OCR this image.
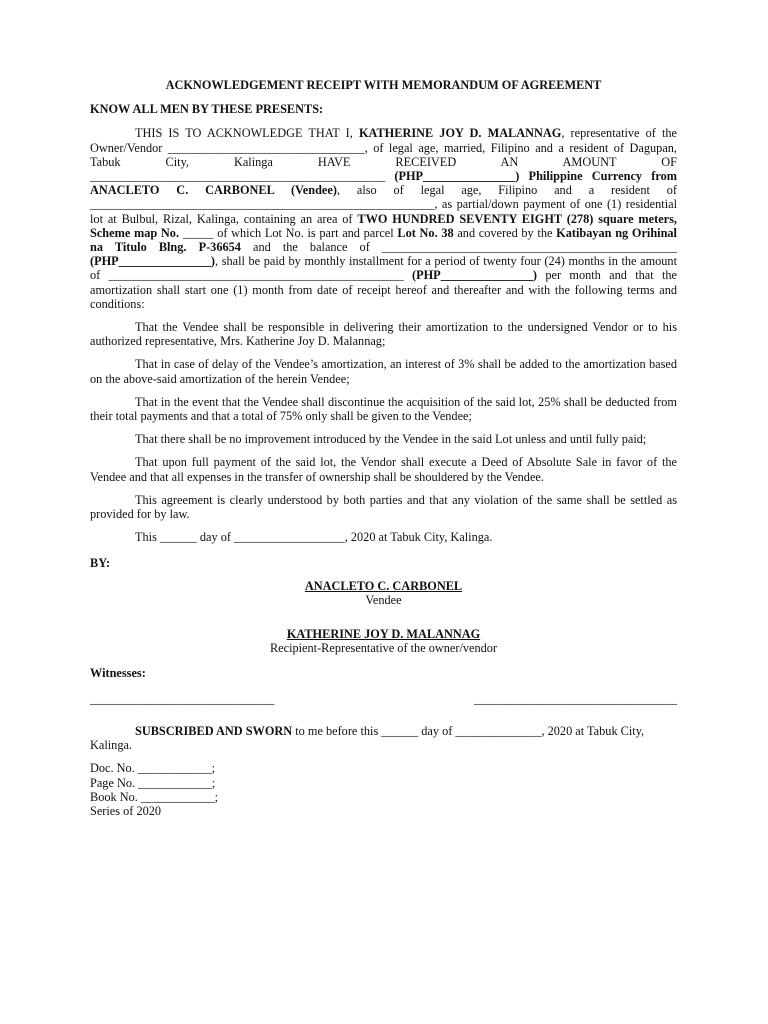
ACKNOWLEDGEMENT RECEIPT WITH MEMORANDUM OF AGREEMENT
KNOW ALL MEN BY THESE PRESENTS:

THIS IS TO ACKNOWLEDGE THAT I, KATHERINE JOY D. MALANNAG, representative of the Owner/Vendor ________________________________, of legal age, married, Filipino and a resident of Dagupan, Tabuk City, Kalinga HAVE RECEIVED AN AMOUNT OF ________________________________________________ (PHP_______________) Philippine Currency from ANACLETO C. CARBONEL (Vendee), also of legal age, Filipino and a resident of ________________________________________________________, as partial/down payment of one (1) residential lot at Bulbul, Rizal, Kalinga, containing an area of TWO HUNDRED SEVENTY EIGHT (278) square meters, Scheme map No. _____ of which Lot No. is part and parcel Lot No. 38 and covered by the Katibayan ng Orihinal na Titulo Blng. P-36654 and the balance of ________________________________________________ (PHP_______________), shall be paid by monthly installment for a period of twenty four (24) months in the amount of ________________________________________________ (PHP_______________) per month and that the amortization shall start one (1) month from date of receipt hereof and thereafter and with the following terms and conditions:

That the Vendee shall be responsible in delivering their amortization to the undersigned Vendor or to his authorized representative, Mrs. Katherine Joy D. Malannag;

That in case of delay of the Vendee’s amortization, an interest of 3% shall be added to the amortization based on the above-said amortization of the herein Vendee;

That in the event that the Vendee shall discontinue the acquisition of the said lot, 25% shall be deducted from their total payments and that a total of 75% only shall be given to the Vendee;

That there shall be no improvement introduced by the Vendee in the said Lot unless and until fully paid;

That upon full payment of the said lot, the Vendor shall execute a Deed of Absolute Sale in favor of the Vendee and that all expenses in the transfer of ownership shall be shouldered by the Vendee.

This agreement is clearly understood by both parties and that any violation of the same shall be settled as provided for by law.

This ______ day of __________________, 2020 at Tabuk City, Kalinga.

BY:
ANACLETO C. CARBONEL
Vendee
KATHERINE JOY D. MALANNAG
Recipient-Representative of the owner/vendor
Witnesses:
______________________________	_________________________________

SUBSCRIBED AND SWORN to me before this ______ day of ______________, 2020 at Tabuk City, Kalinga.

Doc. No. ____________;
Page No. ____________;
Book No. ____________;
Series of 2020
